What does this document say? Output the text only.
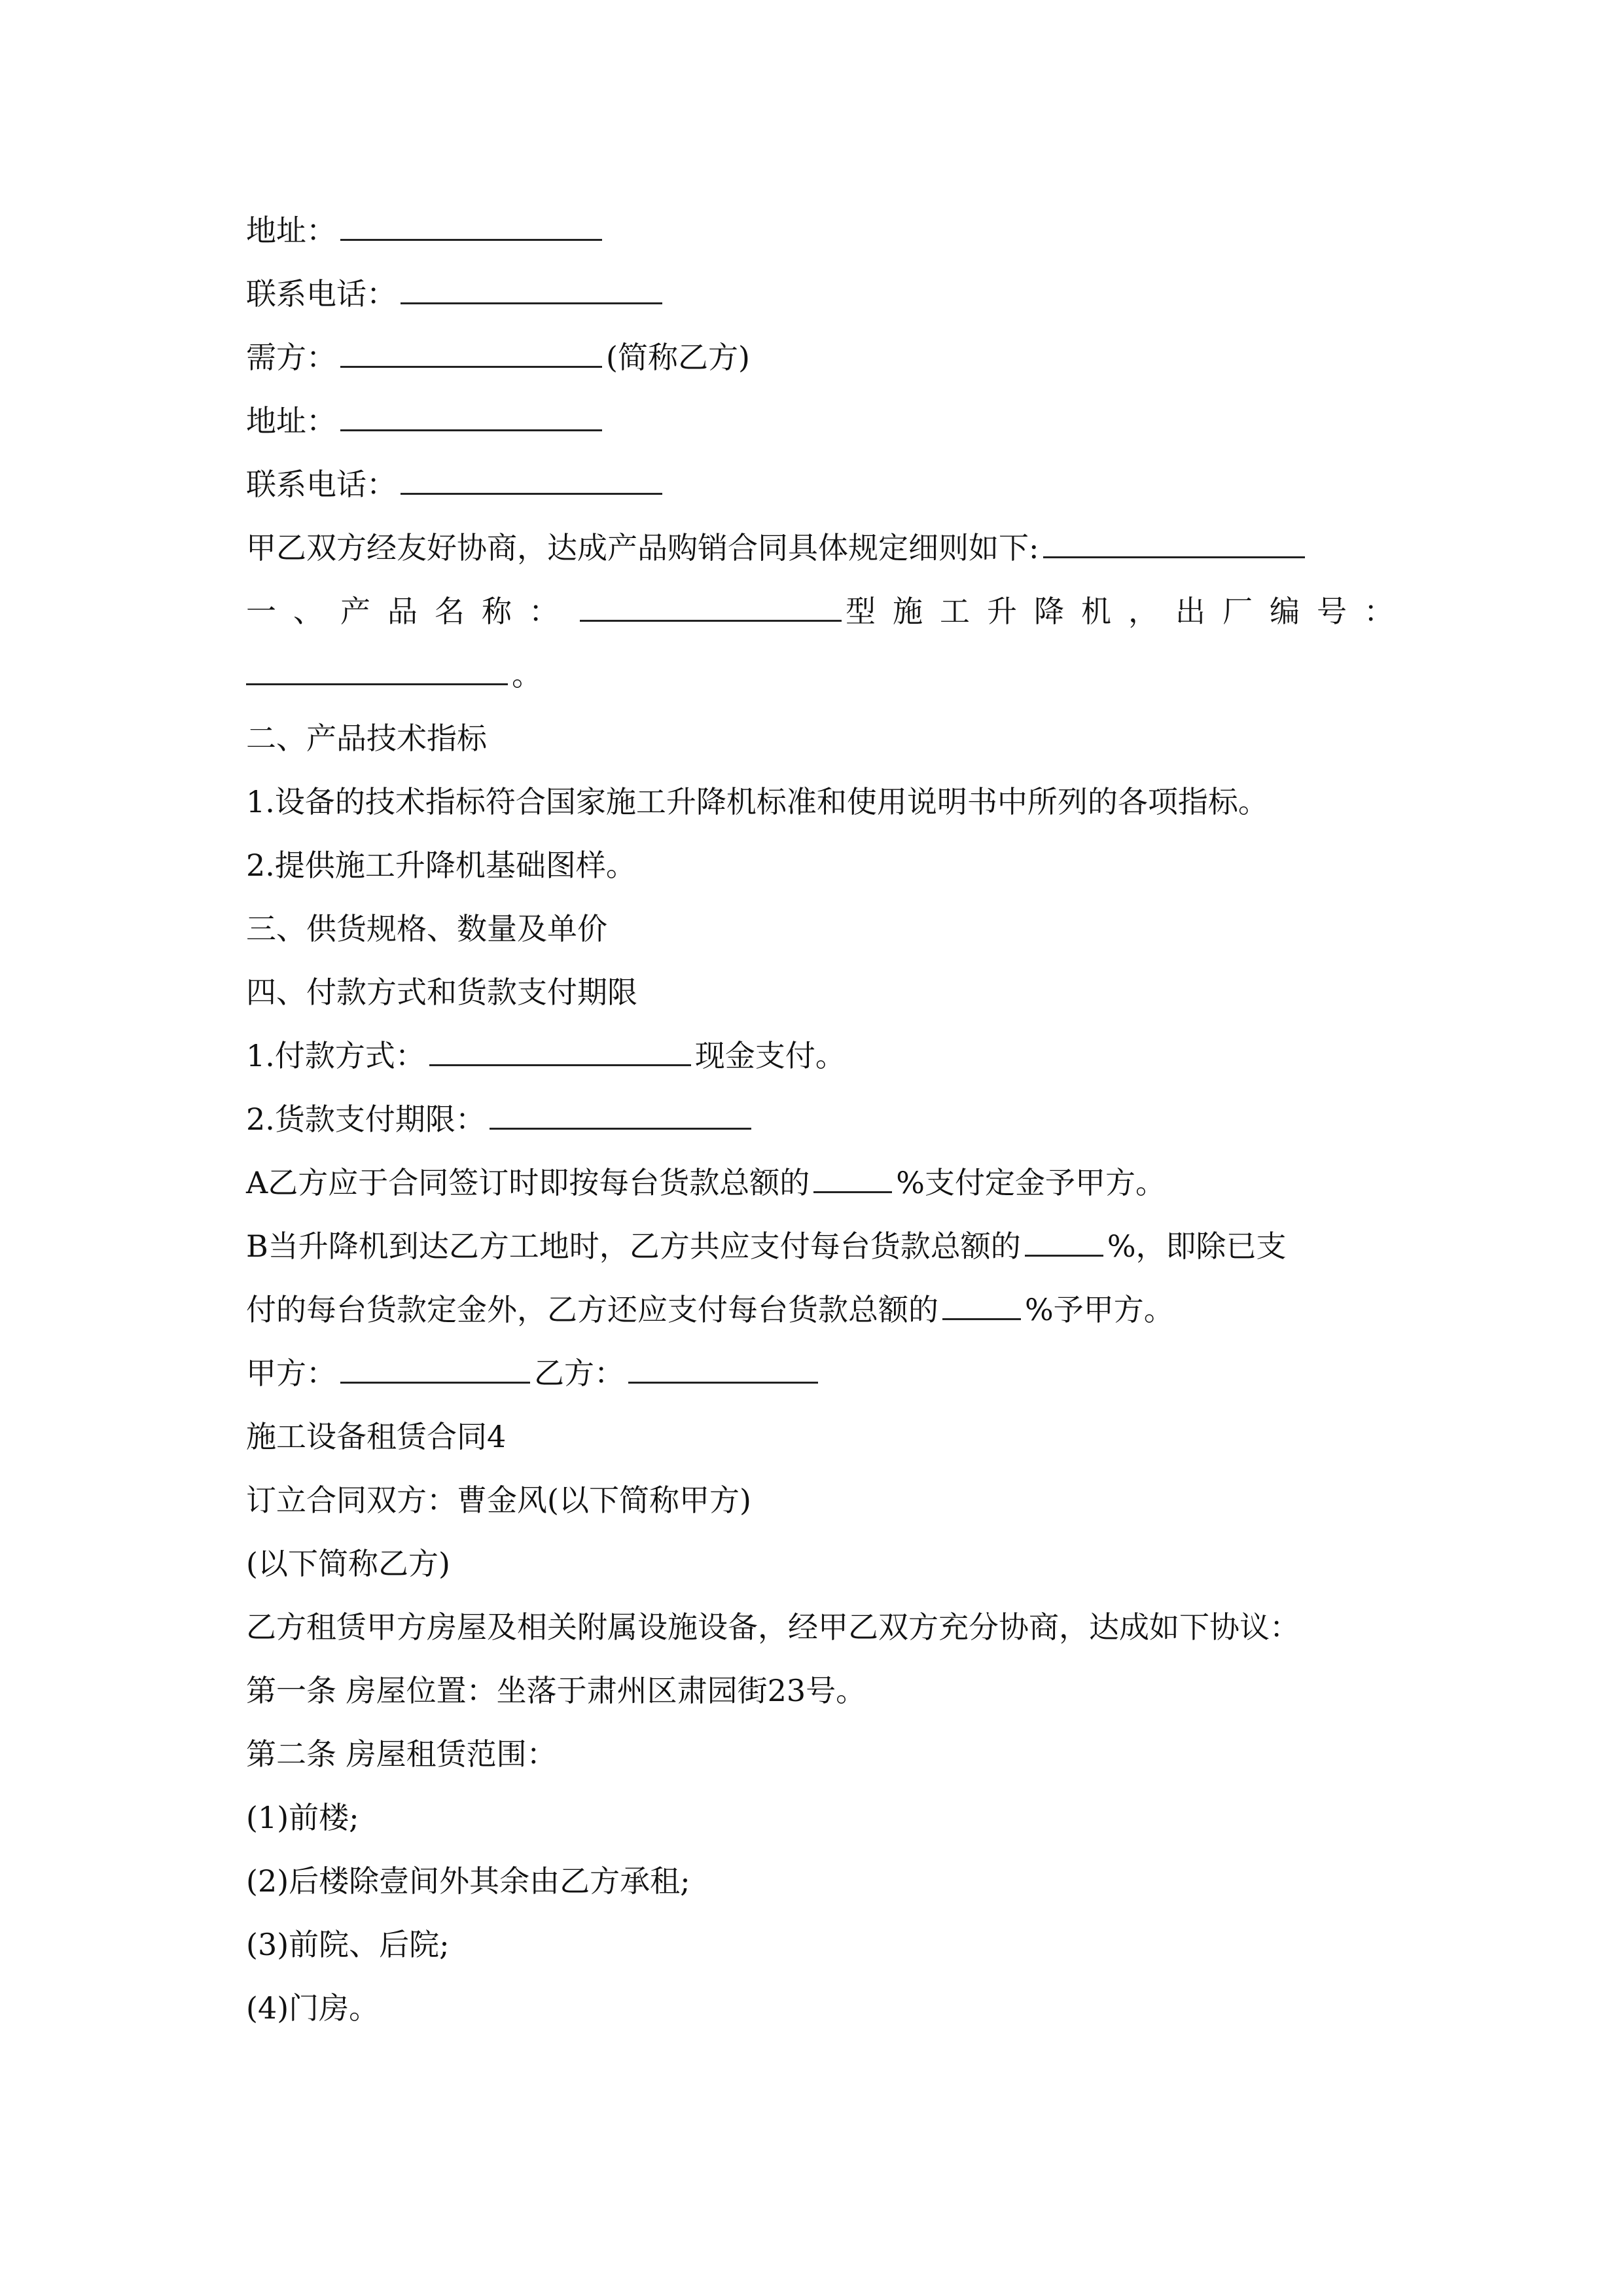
地址：
联系电话：
需方：	(简称乙方)
地址：
联系电话：
甲乙双方经友好协商，达成产品购销合同具体规定细则如下:
一、产品名称：	型施工升降机，出厂编号：
。
二、产品技术指标
1.设备的技术指标符合国家施工升降机标准和使用说明书中所列的各项指标。
2.提供施工升降机基础图样。
三、供货规格、数量及单价
四、付款方式和货款支付期限
1.付款方式：	现金支付。
2.货款支付期限：
A乙方应于合同签订时即按每台货款总额的	%支付定金予甲方。
B当升降机到达乙方工地时，乙方共应支付每台货款总额的	%，即除已支
付的每台货款定金外，乙方还应支付每台货款总额的	%予甲方。
甲方：	乙方：
施工设备租赁合同4
订立合同双方：曹金风(以下简称甲方)
(以下简称乙方)
乙方租赁甲方房屋及相关附属设施设备，经甲乙双方充分协商，达成如下协议：
第一条 房屋位置：坐落于肃州区肃园街23号。
第二条 房屋租赁范围：
(1)前楼;
(2)后楼除壹间外其余由乙方承租;
(3)前院、后院;
(4)门房。
